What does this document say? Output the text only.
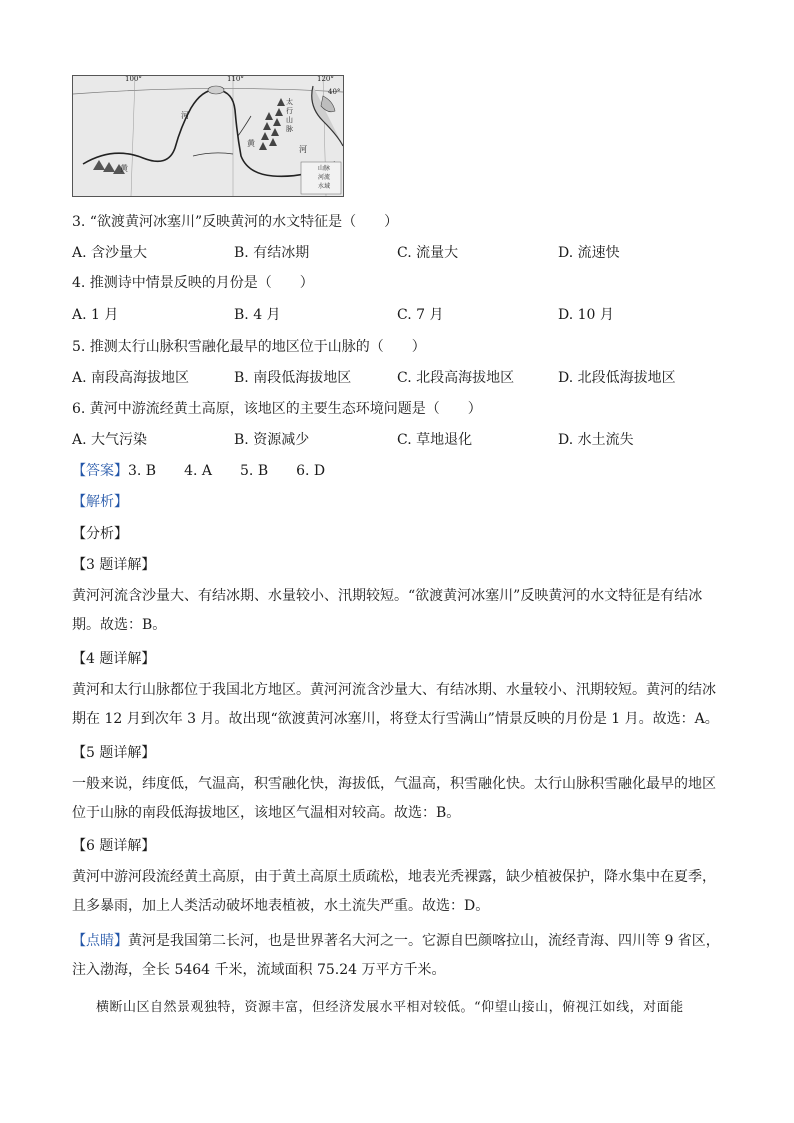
100°	110°	120°
40°
河
黄
黄
河
太行山脉
山脉
河流
水域
3. “欲渡黄河冰塞川”反映黄河的水文特征是（　　）
A. 含沙量大	B. 有结冰期	C. 流量大	D. 流速快
4. 推测诗中情景反映的月份是（　　）
A. 1 月	B. 4 月	C. 7 月	D. 10 月
5. 推测太行山脉积雪融化最早的地区位于山脉的（　　）
A. 南段高海拔地区	B. 南段低海拔地区	C. 北段高海拔地区	D. 北段低海拔地区
6. 黄河中游流经黄土高原，该地区的主要生态环境问题是（　　）
A. 大气污染	B. 资源减少	C. 草地退化	D. 水土流失
【答案】3. B　　4. A　　5. B　　6. D
【解析】
【分析】
【3 题详解】
黄河河流含沙量大、有结冰期、水量较小、汛期较短。“欲渡黄河冰塞川”反映黄河的水文特征是有结冰期。故选：B。
【4 题详解】
黄河和太行山脉都位于我国北方地区。黄河河流含沙量大、有结冰期、水量较小、汛期较短。黄河的结冰期在 12 月到次年 3 月。故出现“欲渡黄河冰塞川，将登太行雪满山”情景反映的月份是 1 月。故选：A。
【5 题详解】
一般来说，纬度低，气温高，积雪融化快，海拔低，气温高，积雪融化快。太行山脉积雪融化最早的地区位于山脉的南段低海拔地区，该地区气温相对较高。故选：B。
【6 题详解】
黄河中游河段流经黄土高原，由于黄土高原土质疏松，地表光秃裸露，缺少植被保护，降水集中在夏季，且多暴雨，加上人类活动破坏地表植被，水土流失严重。故选：D。
【点睛】黄河是我国第二长河，也是世界著名大河之一。它源自巴颜喀拉山，流经青海、四川等 9 省区，注入渤海，全长 5464 千米，流域面积 75.24 万平方千米。
横断山区自然景观独特，资源丰富，但经济发展水平相对较低。“仰望山接山，俯视江如线，对面能
